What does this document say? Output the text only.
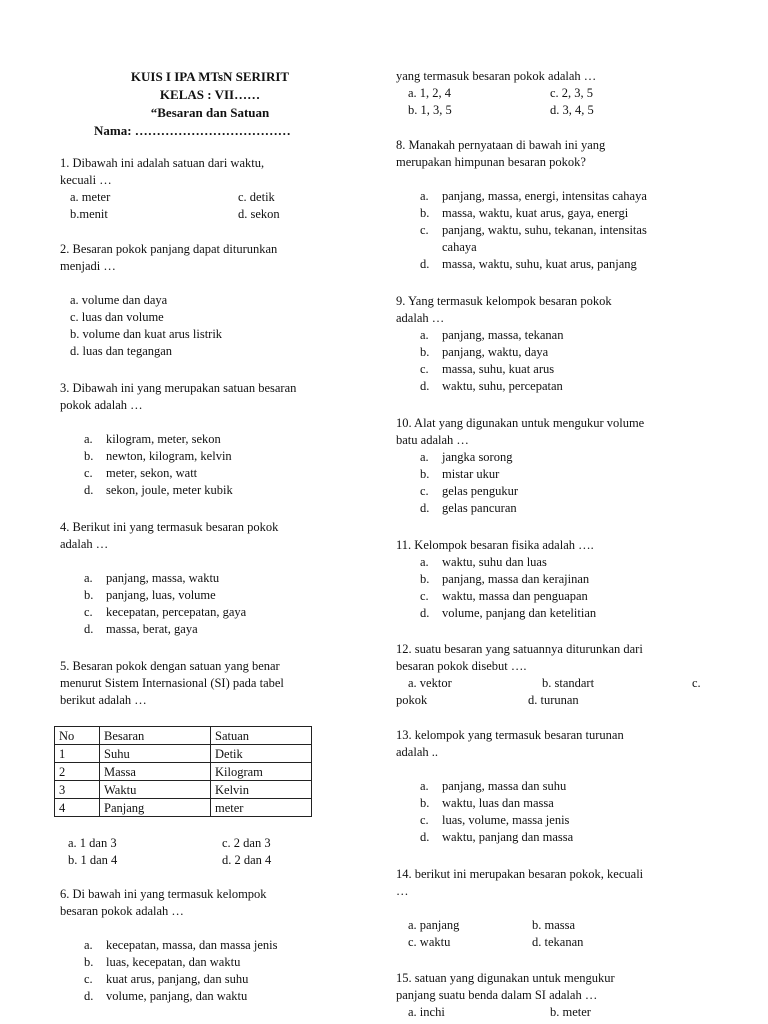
KUIS I IPA MTsN SERIRIT
KELAS : VII……
“Besaran dan Satuan
Nama: ………………………………
1. Dibawah ini adalah satuan dari waktu,
kecuali …
a. meter	c. detik
b.menit	d. sekon
2. Besaran pokok panjang dapat diturunkan
menjadi …
a. volume dan daya
c. luas dan volume
b. volume dan kuat arus listrik
d. luas dan tegangan
3. Dibawah ini yang merupakan satuan besaran
pokok adalah …
a. kilogram, meter, sekon
b. newton, kilogram, kelvin
c. meter, sekon, watt
d. sekon, joule, meter kubik
4. Berikut ini yang termasuk besaran pokok
adalah …
a. panjang, massa, waktu
b. panjang, luas, volume
c. kecepatan, percepatan, gaya
d. massa, berat, gaya
5. Besaran pokok dengan satuan yang benar
menurut Sistem Internasional (SI) pada tabel
berikut adalah …
No	Besaran	Satuan
1	Suhu	Detik
2	Massa	Kilogram
3	Waktu	Kelvin
4	Panjang	meter
a. 1 dan 3	c. 2 dan 3
b. 1 dan 4	d. 2 dan 4
6. Di bawah ini yang termasuk kelompok
besaran pokok adalah …
a. kecepatan, massa, dan massa jenis
b. luas, kecepatan, dan waktu
c. kuat arus, panjang, dan suhu
d. volume, panjang, dan waktu
yang termasuk besaran pokok adalah …
a. 1, 2, 4	c. 2, 3, 5
b. 1, 3, 5	d. 3, 4, 5
8. Manakah pernyataan di bawah ini yang
merupakan himpunan besaran pokok?
a. panjang, massa, energi, intensitas cahaya
b. massa, waktu, kuat arus, gaya, energi
c. panjang, waktu, suhu, tekanan, intensitas
cahaya
d. massa, waktu, suhu, kuat arus, panjang
9. Yang termasuk kelompok besaran pokok
adalah …
a. panjang, massa, tekanan
b. panjang, waktu, daya
c. massa, suhu, kuat arus
d. waktu, suhu, percepatan
10. Alat yang digunakan untuk mengukur volume
batu adalah …
a. jangka sorong
b. mistar ukur
c. gelas pengukur
d. gelas pancuran
11. Kelompok besaran fisika adalah ….
a. waktu, suhu dan luas
b. panjang, massa dan kerajinan
c. waktu, massa dan penguapan
d. volume, panjang dan ketelitian
12. suatu besaran yang satuannya diturunkan dari
besaran pokok disebut ….
a. vektor	b. standart	c.
pokok	d. turunan
13. kelompok yang termasuk besaran turunan
adalah ..
a. panjang, massa dan suhu
b. waktu, luas dan massa
c. luas, volume, massa jenis
d. waktu, panjang dan massa
14. berikut ini merupakan besaran pokok, kecuali
…
a. panjang	b. massa
c. waktu	d. tekanan
15. satuan yang digunakan untuk mengukur
panjang suatu benda dalam SI adalah …
a. inchi	b. meter
